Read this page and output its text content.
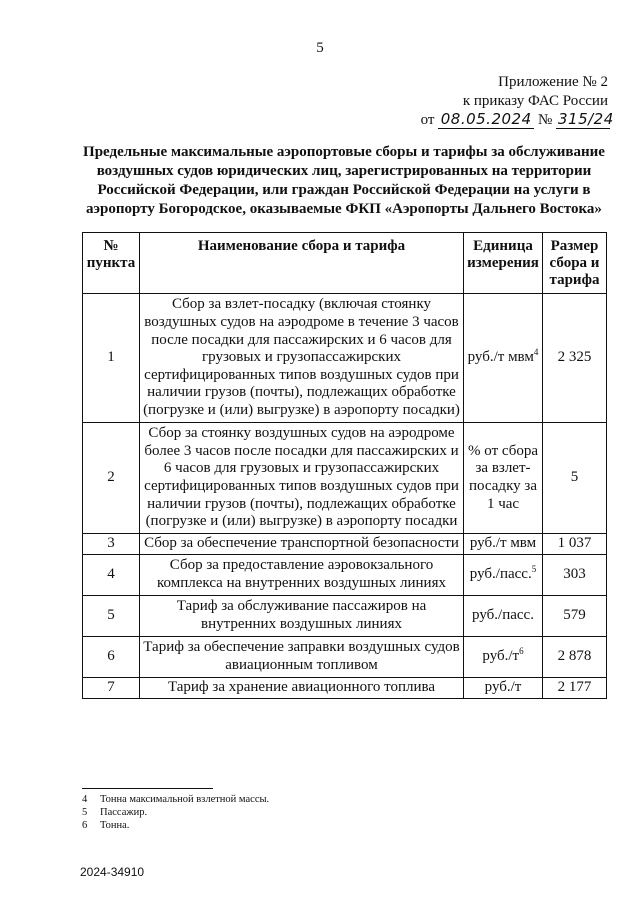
5
Приложение № 2
к приказу ФАС России
от 08.05.2024 № 315/24
Предельные максимальные аэропортовые сборы и тарифы за обслуживание воздушных судов юридических лиц, зарегистрированных на территории Российской Федерации, или граждан Российской Федерации на услуги в аэропорту Богородское, оказываемые ФКП «Аэропорты Дальнего Востока»
№ пункта	Наименование сбора и тарифа	Единица измерения	Размер сбора и тарифа
1	Сбор за взлет-посадку (включая стоянку воздушных судов на аэродроме в течение 3 часов после посадки для пассажирских и 6 часов для грузовых и грузопассажирских сертифицированных типов воздушных судов при наличии грузов (почты), подлежащих обработке (погрузке и (или) выгрузке) в аэропорту посадки)	руб./т мвм$^4$	2 325
2	Сбор за стоянку воздушных судов на аэродроме более 3 часов после посадки для пассажирских и 6 часов для грузовых и грузопассажирских сертифицированных типов воздушных судов при наличии грузов (почты), подлежащих обработке (погрузке и (или) выгрузке) в аэропорту посадки	% от сбора за взлет-посадку за 1 час	5
3	Сбор за обеспечение транспортной безопасности	руб./т мвм	1 037
4	Сбор за предоставление аэровокзального комплекса на внутренних воздушных линиях	руб./пасс.$^5$	303
5	Тариф за обслуживание пассажиров на внутренних воздушных линиях	руб./пасс.	579
6	Тариф за обеспечение заправки воздушных судов авиационным топливом	$руб./т^6$	2 878
7	Тариф за хранение авиационного топлива	руб./т	2 177
4 Тонна максимальной взлетной массы.
5 Пассажир.
6 Тонна.
2024-34910
